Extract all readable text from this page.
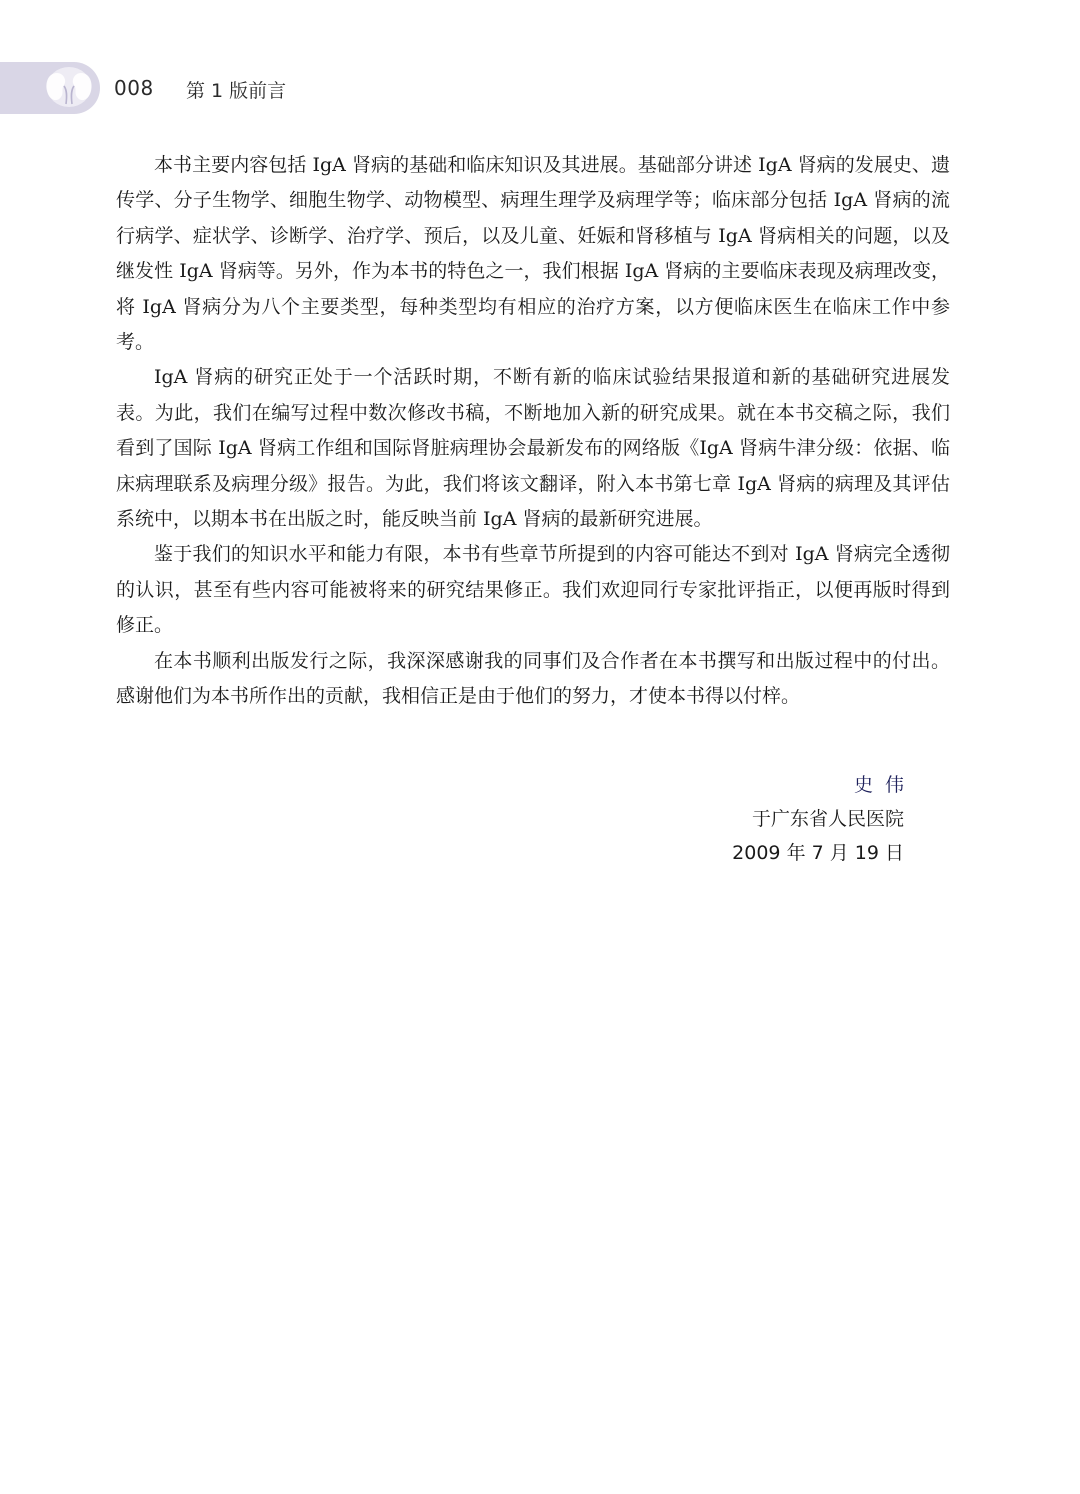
008 第 1 版前言

本书主要内容包括 IgA 肾病的基础和临床知识及其进展。基础部分讲述 IgA 肾病的发展史、遗传学、分子生物学、细胞生物学、动物模型、病理生理学及病理学等；临床部分包括 IgA 肾病的流行病学、症状学、诊断学、治疗学、预后，以及儿童、妊娠和肾移植与 IgA 肾病相关的问题，以及继发性 IgA 肾病等。另外，作为本书的特色之一，我们根据 IgA 肾病的主要临床表现及病理改变，将 IgA 肾病分为八个主要类型，每种类型均有相应的治疗方案，以方便临床医生在临床工作中参考。

IgA 肾病的研究正处于一个活跃时期，不断有新的临床试验结果报道和新的基础研究进展发表。为此，我们在编写过程中数次修改书稿，不断地加入新的研究成果。就在本书交稿之际，我们看到了国际 IgA 肾病工作组和国际肾脏病理协会最新发布的网络版《IgA 肾病牛津分级：依据、临床病理联系及病理分级》报告。为此，我们将该文翻译，附入本书第七章 IgA 肾病的病理及其评估系统中，以期本书在出版之时，能反映当前 IgA 肾病的最新研究进展。

鉴于我们的知识水平和能力有限，本书有些章节所提到的内容可能达不到对 IgA 肾病完全透彻的认识，甚至有些内容可能被将来的研究结果修正。我们欢迎同行专家批评指正，以便再版时得到修正。

在本书顺利出版发行之际，我深深感谢我的同事们及合作者在本书撰写和出版过程中的付出。感谢他们为本书所作出的贡献，我相信正是由于他们的努力，才使本书得以付梓。

史伟
于广东省人民医院
2009 年 7 月 19 日
